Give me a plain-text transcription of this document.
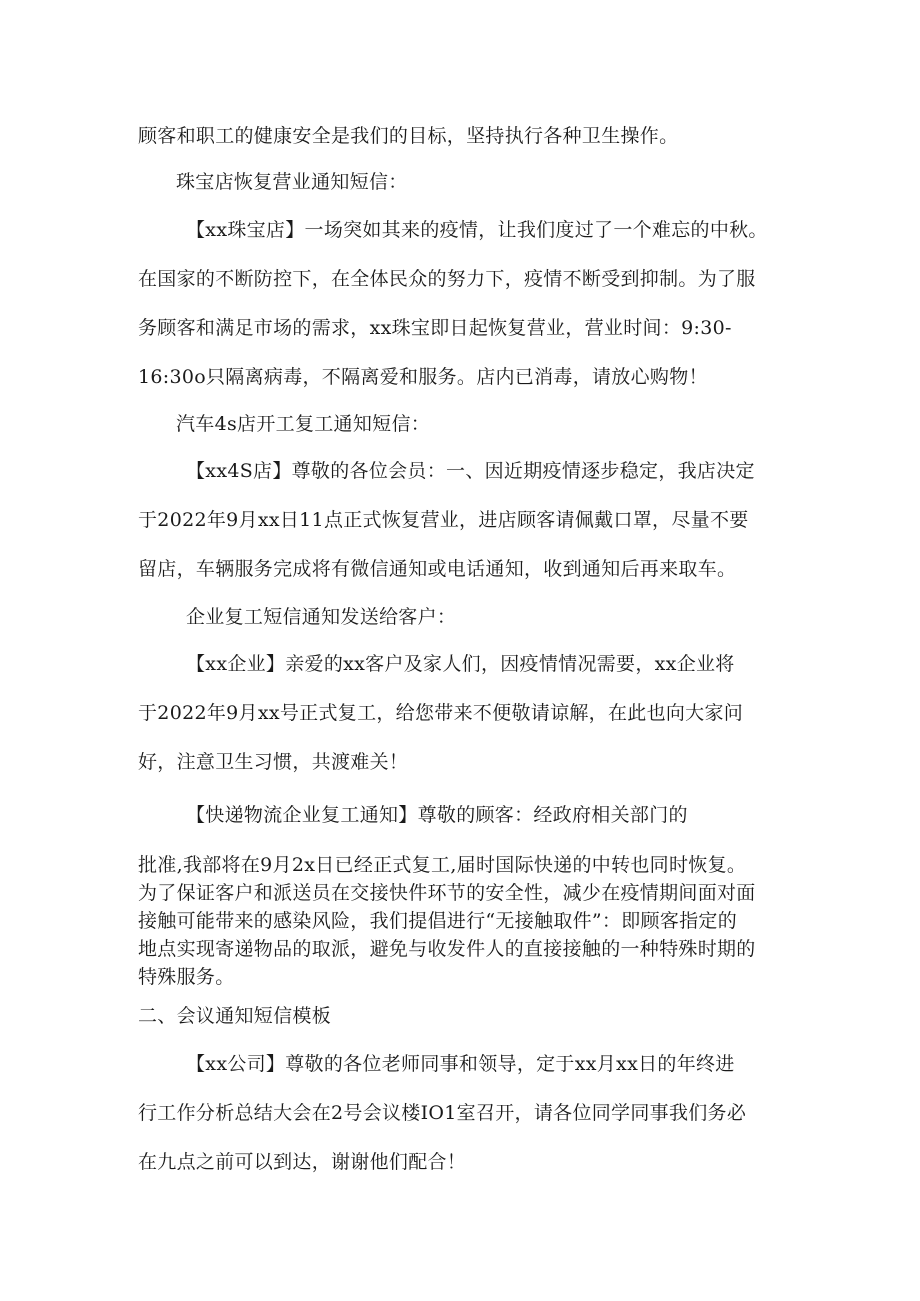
顾客和职工的健康安全是我们的目标，坚持执行各种卫生操作。

珠宝店恢复营业通知短信：

【xx珠宝店】一场突如其来的疫情，让我们度过了一个难忘的中秋。
在国家的不断防控下，在全体民众的努力下，疫情不断受到抑制。为了服
务顾客和满足市场的需求，xx珠宝即日起恢复营业，营业时间：9:30-
16:30o只隔离病毒，不隔离爱和服务。店内已消毒，请放心购物！

汽车4s店开工复工通知短信：

【xx4S店】尊敬的各位会员：一、因近期疫情逐步稳定，我店决定
于2022年9月xx日11点正式恢复营业，进店顾客请佩戴口罩，尽量不要
留店，车辆服务完成将有微信通知或电话通知，收到通知后再来取车。

企业复工短信通知发送给客户：

【xx企业】亲爱的xx客户及家人们，因疫情情况需要，xx企业将
于2022年9月xx号正式复工，给您带来不便敬请谅解，在此也向大家问
好，注意卫生习惯，共渡难关！

【快递物流企业复工通知】尊敬的顾客：经政府相关部门的

批准,我部将在9月2x日已经正式复工,届时国际快递的中转也同时恢复。
为了保证客户和派送员在交接快件环节的安全性，减少在疫情期间面对面
接触可能带来的感染风险，我们提倡进行“无接触取件”：即顾客指定的
地点实现寄递物品的取派，避免与收发件人的直接接触的一种特殊时期的
特殊服务。

二、会议通知短信模板

【xx公司】尊敬的各位老师同事和领导，定于xx月xx日的年终进
行工作分析总结大会在2号会议楼IO1室召开，请各位同学同事我们务必
在九点之前可以到达，谢谢他们配合！
